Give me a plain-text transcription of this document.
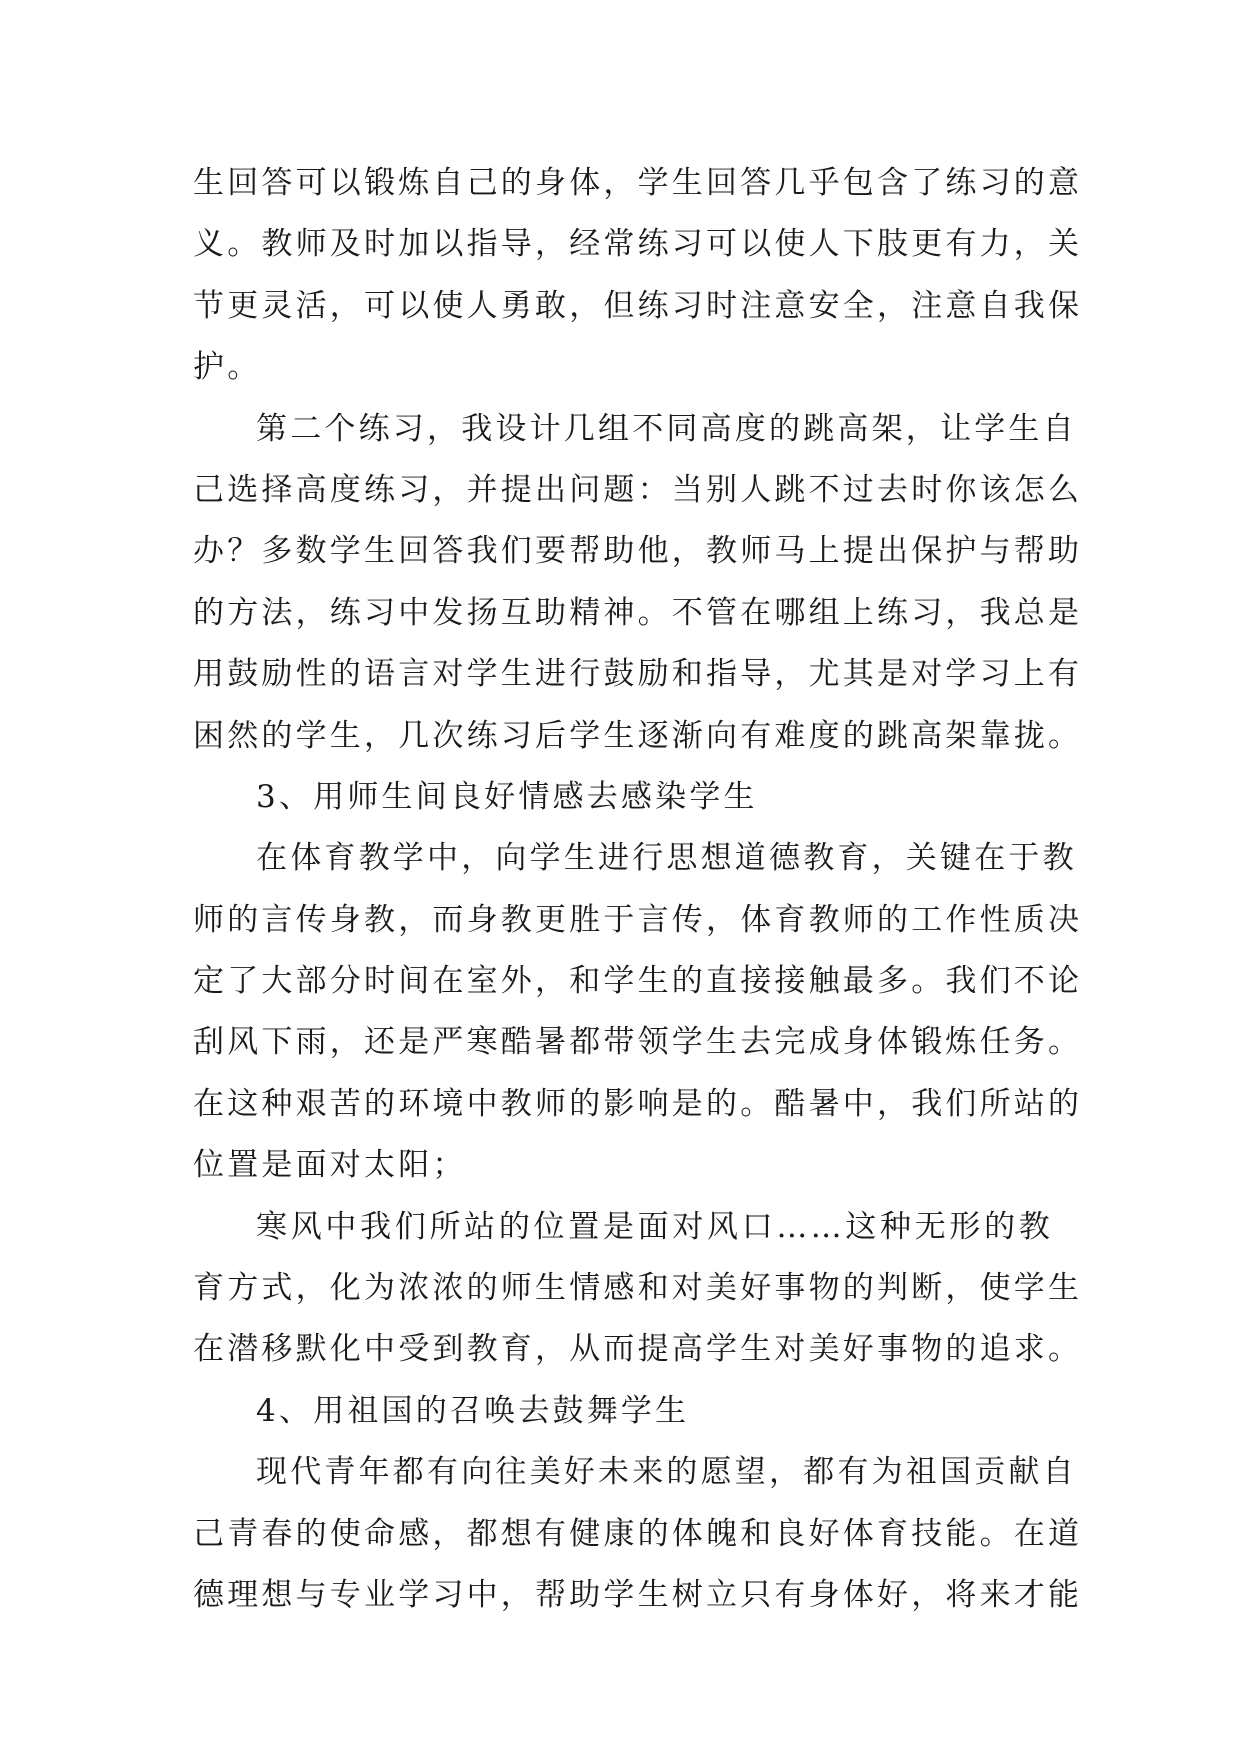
生回答可以锻炼自己的身体，学生回答几乎包含了练习的意
义。教师及时加以指导，经常练习可以使人下肢更有力，关
节更灵活，可以使人勇敢，但练习时注意安全，注意自我保
护。
第二个练习，我设计几组不同高度的跳高架，让学生自
己选择高度练习，并提出问题：当别人跳不过去时你该怎么
办？多数学生回答我们要帮助他，教师马上提出保护与帮助
的方法，练习中发扬互助精神。不管在哪组上练习，我总是
用鼓励性的语言对学生进行鼓励和指导，尤其是对学习上有
困然的学生，几次练习后学生逐渐向有难度的跳高架靠拢。
3、用师生间良好情感去感染学生
在体育教学中，向学生进行思想道德教育，关键在于教
师的言传身教，而身教更胜于言传，体育教师的工作性质决
定了大部分时间在室外，和学生的直接接触最多。我们不论
刮风下雨，还是严寒酷暑都带领学生去完成身体锻炼任务。
在这种艰苦的环境中教师的影响是的。酷暑中，我们所站的
位置是面对太阳；
寒风中我们所站的位置是面对风口……这种无形的教
育方式，化为浓浓的师生情感和对美好事物的判断，使学生
在潜移默化中受到教育，从而提高学生对美好事物的追求。
4、用祖国的召唤去鼓舞学生
现代青年都有向往美好未来的愿望，都有为祖国贡献自
己青春的使命感，都想有健康的体魄和良好体育技能。在道
德理想与专业学习中，帮助学生树立只有身体好，将来才能
